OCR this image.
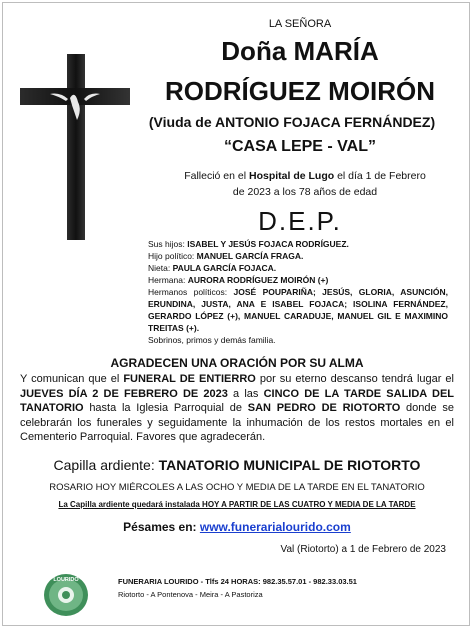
LA SEÑORA
Doña MARÍA
RODRÍGUEZ MOIRÓN
(Viuda de ANTONIO FOJACA FERNÁNDEZ)
“CASA LEPE - VAL”
Falleció en el Hospital de Lugo el día 1 de Febrero
de 2023 a los 78 años de edad
D.E.P.
Sus hijos: ISABEL Y JESÚS FOJACA RODRÍGUEZ.
Hijo político: MANUEL GARCÍA FRAGA.
Nieta: PAULA GARCÍA FOJACA.
Hermana: AURORA RODRÍGUEZ MOIRÓN (+)
Hermanos políticos: JOSÉ POUPARIÑA; JESÚS, GLORIA, ASUNCIÓN, ERUNDINA, JUSTA, ANA E ISABEL FOJACA; ISOLINA FERNÁNDEZ, GERARDO LÓPEZ (+), MANUEL CARADUJE, MANUEL GIL E MAXIMINO TREITAS (+).
Sobrinos, primos y demás familia.
AGRADECEN UNA ORACIÓN POR SU ALMA
Y comunican que el FUNERAL DE ENTIERRO por su eterno descanso tendrá lugar el JUEVES DÍA 2 DE FEBRERO DE 2023 a las CINCO DE LA TARDE SALIDA DEL TANATORIO hasta la Iglesia Parroquial de SAN PEDRO DE RIOTORTO donde se celebrarán los funerales y seguidamente la inhumación de los restos mortales en el Cementerio Parroquial. Favores que agradecerán.
Capilla ardiente: TANATORIO MUNICIPAL DE RIOTORTO
ROSARIO HOY MIÉRCOLES A LAS OCHO Y MEDIA DE LA TARDE EN EL TANATORIO
La Capilla ardiente quedará instalada HOY A PARTIR DE LAS CUATRO Y MEDIA DE LA TARDE
Pésames en: www.funerarialourido.com
Val (Riotorto) a 1 de Febrero de 2023
LOURIDO	FUNERARIA LOURIDO - Tlfs 24 HORAS: 982.35.57.01 - 982.33.03.51
Riotorto - A Pontenova - Meira - A Pastoriza
